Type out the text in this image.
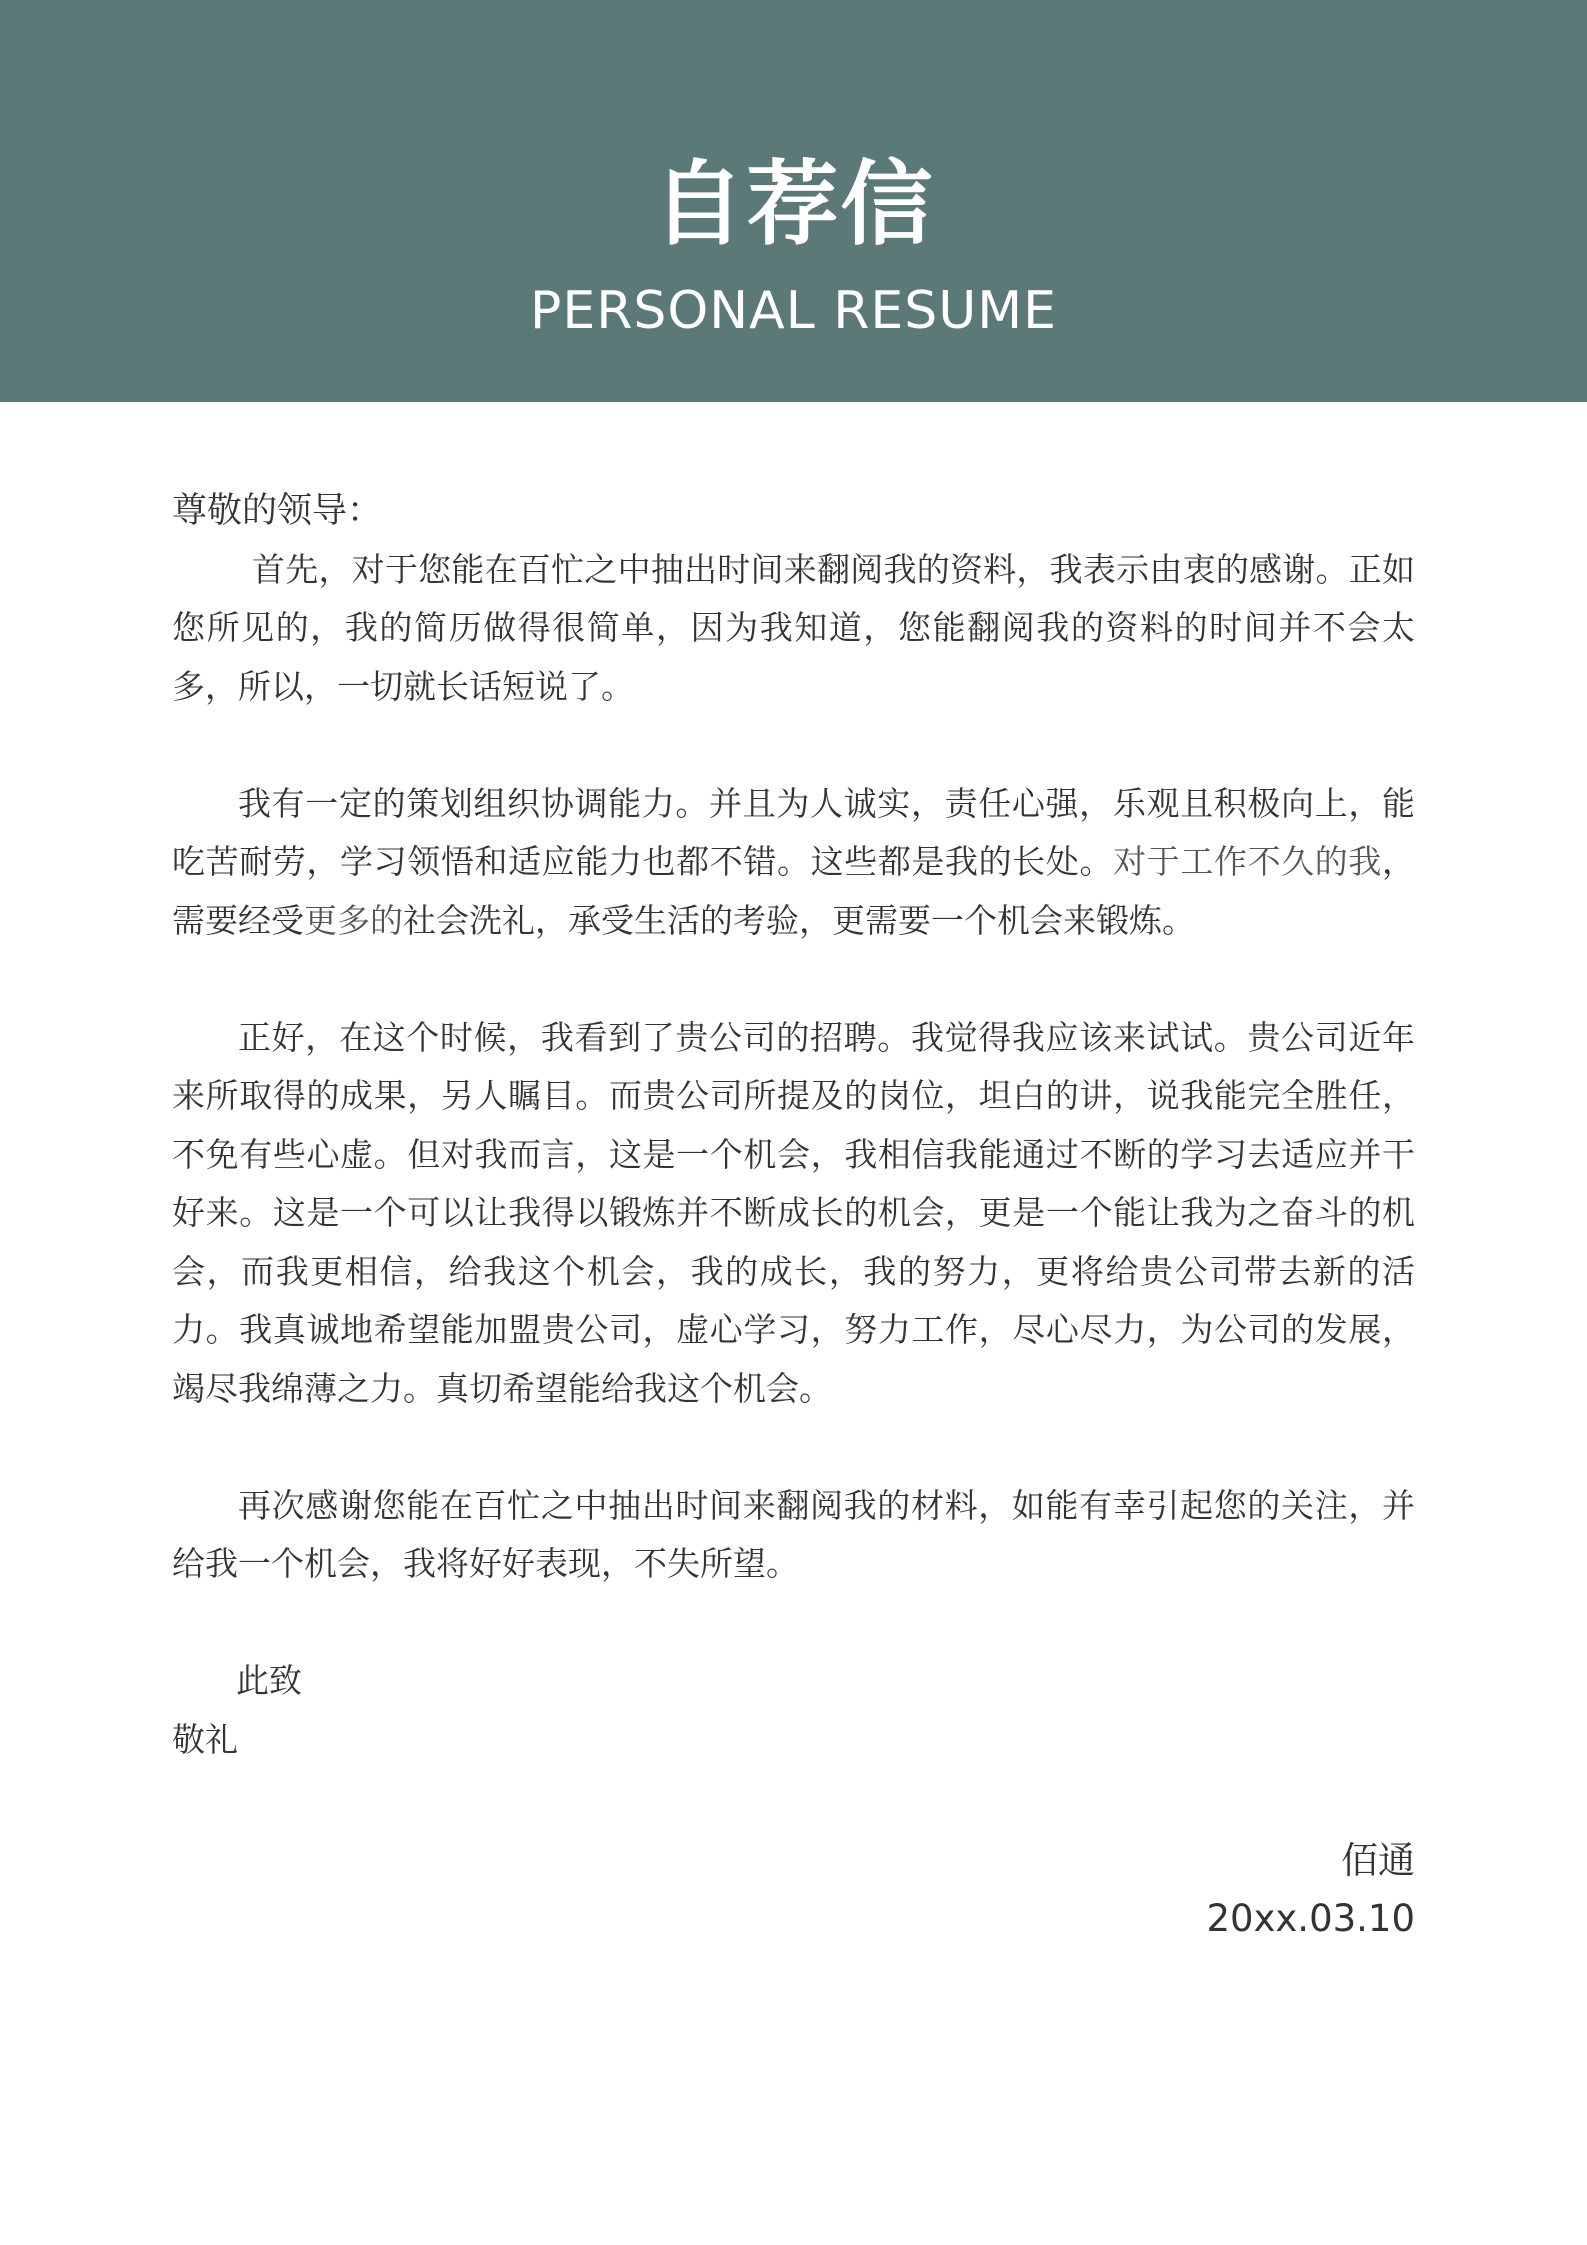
自荐信
PERSONAL RESUME

尊敬的领导：

首先，对于您能在百忙之中抽出时间来翻阅我的资料，我表示由衷的感谢。正如您所见的，我的简历做得很简单，因为我知道，您能翻阅我的资料的时间并不会太多，所以，一切就长话短说了。

我有一定的策划组织协调能力。并且为人诚实，责任心强，乐观且积极向上，能吃苦耐劳，学习领悟和适应能力也都不错。这些都是我的长处。对于工作不久的我，需要经受更多的社会洗礼，承受生活的考验，更需要一个机会来锻炼。

正好，在这个时候，我看到了贵公司的招聘。我觉得我应该来试试。贵公司近年来所取得的成果，另人瞩目。而贵公司所提及的岗位，坦白的讲，说我能完全胜任，不免有些心虚。但对我而言，这是一个机会，我相信我能通过不断的学习去适应并干好来。这是一个可以让我得以锻炼并不断成长的机会，更是一个能让我为之奋斗的机会，而我更相信，给我这个机会，我的成长，我的努力，更将给贵公司带去新的活力。我真诚地希望能加盟贵公司，虚心学习，努力工作，尽心尽力，为公司的发展，竭尽我绵薄之力。真切希望能给我这个机会。

再次感谢您能在百忙之中抽出时间来翻阅我的材料，如能有幸引起您的关注，并给我一个机会，我将好好表现，不失所望。

此致

敬礼

佰通
20xx.03.10
